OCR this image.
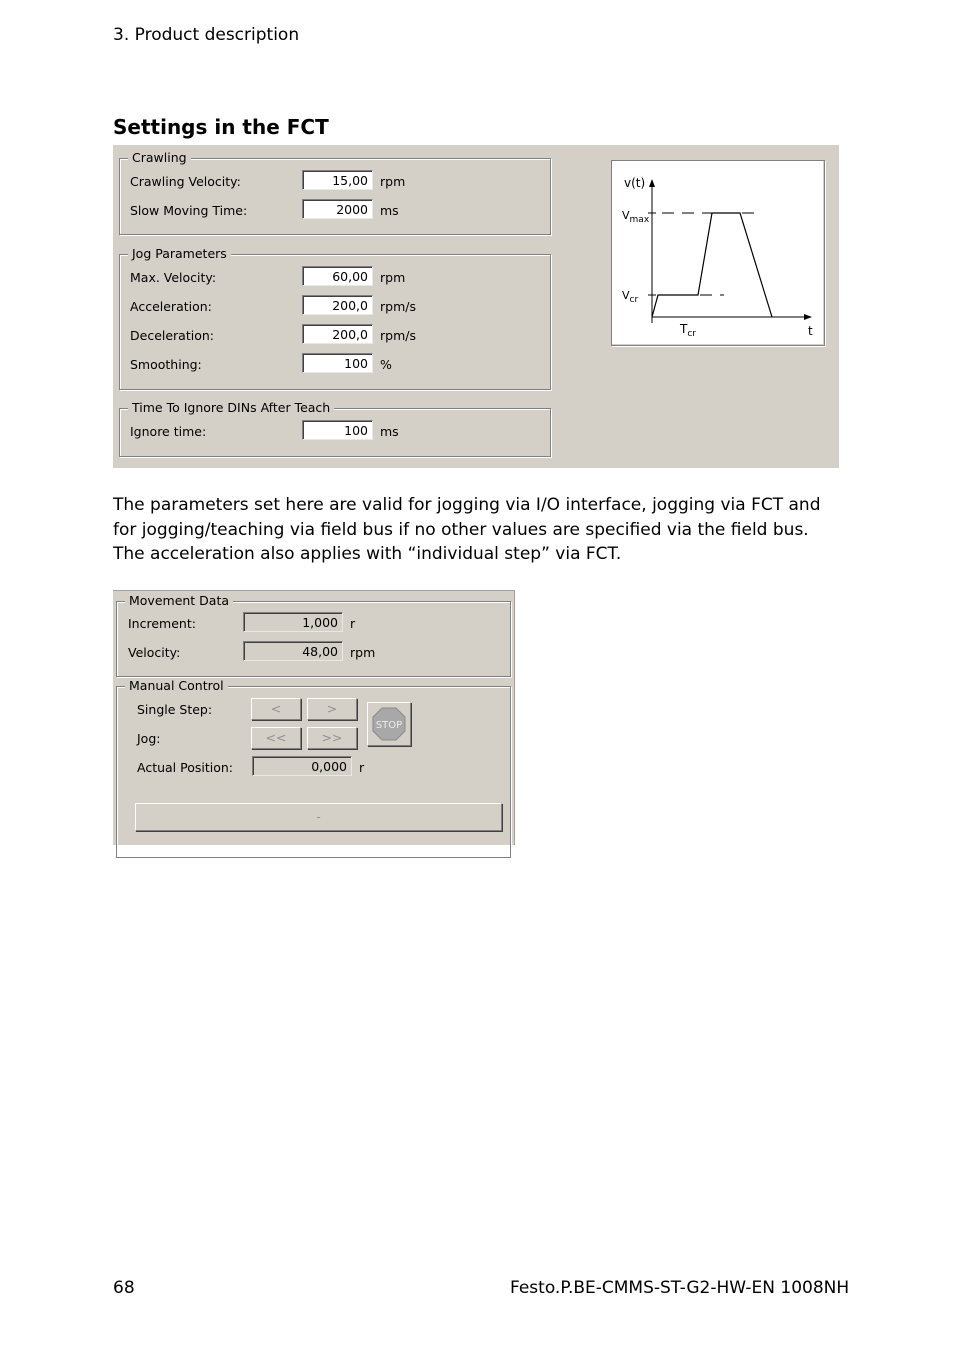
3. Product description
Settings in the FCT
Crawling
Crawling Velocity:	15,00 rpm
Slow Moving Time:	2000 ms
Jog Parameters
Max. Velocity:	60,00 rpm
Acceleration:	200,0 rpm/s
Deceleration:	200,0 rpm/s
Smoothing:	100 %
Time To Ignore DINs After Teach
Ignore time:	100 ms
v(t)
t
$V_{max}$
$V_{cr}$
$T_{cr}$

The parameters set here are valid for jogging via I/O interface, jogging via FCT and for jogging/teaching via field bus if no other values are specified via the field bus. The acceleration also applies with “individual step” via FCT.

Movement Data
Increment:	1,000 r
Velocity:	48,00 rpm
Manual Control
Single Step:	<	>
Jog:	<<	>>
STOP
Actual Position:	0,000 r
-
68	Festo.P.BE-CMMS-ST-G2-HW-EN 1008NH
